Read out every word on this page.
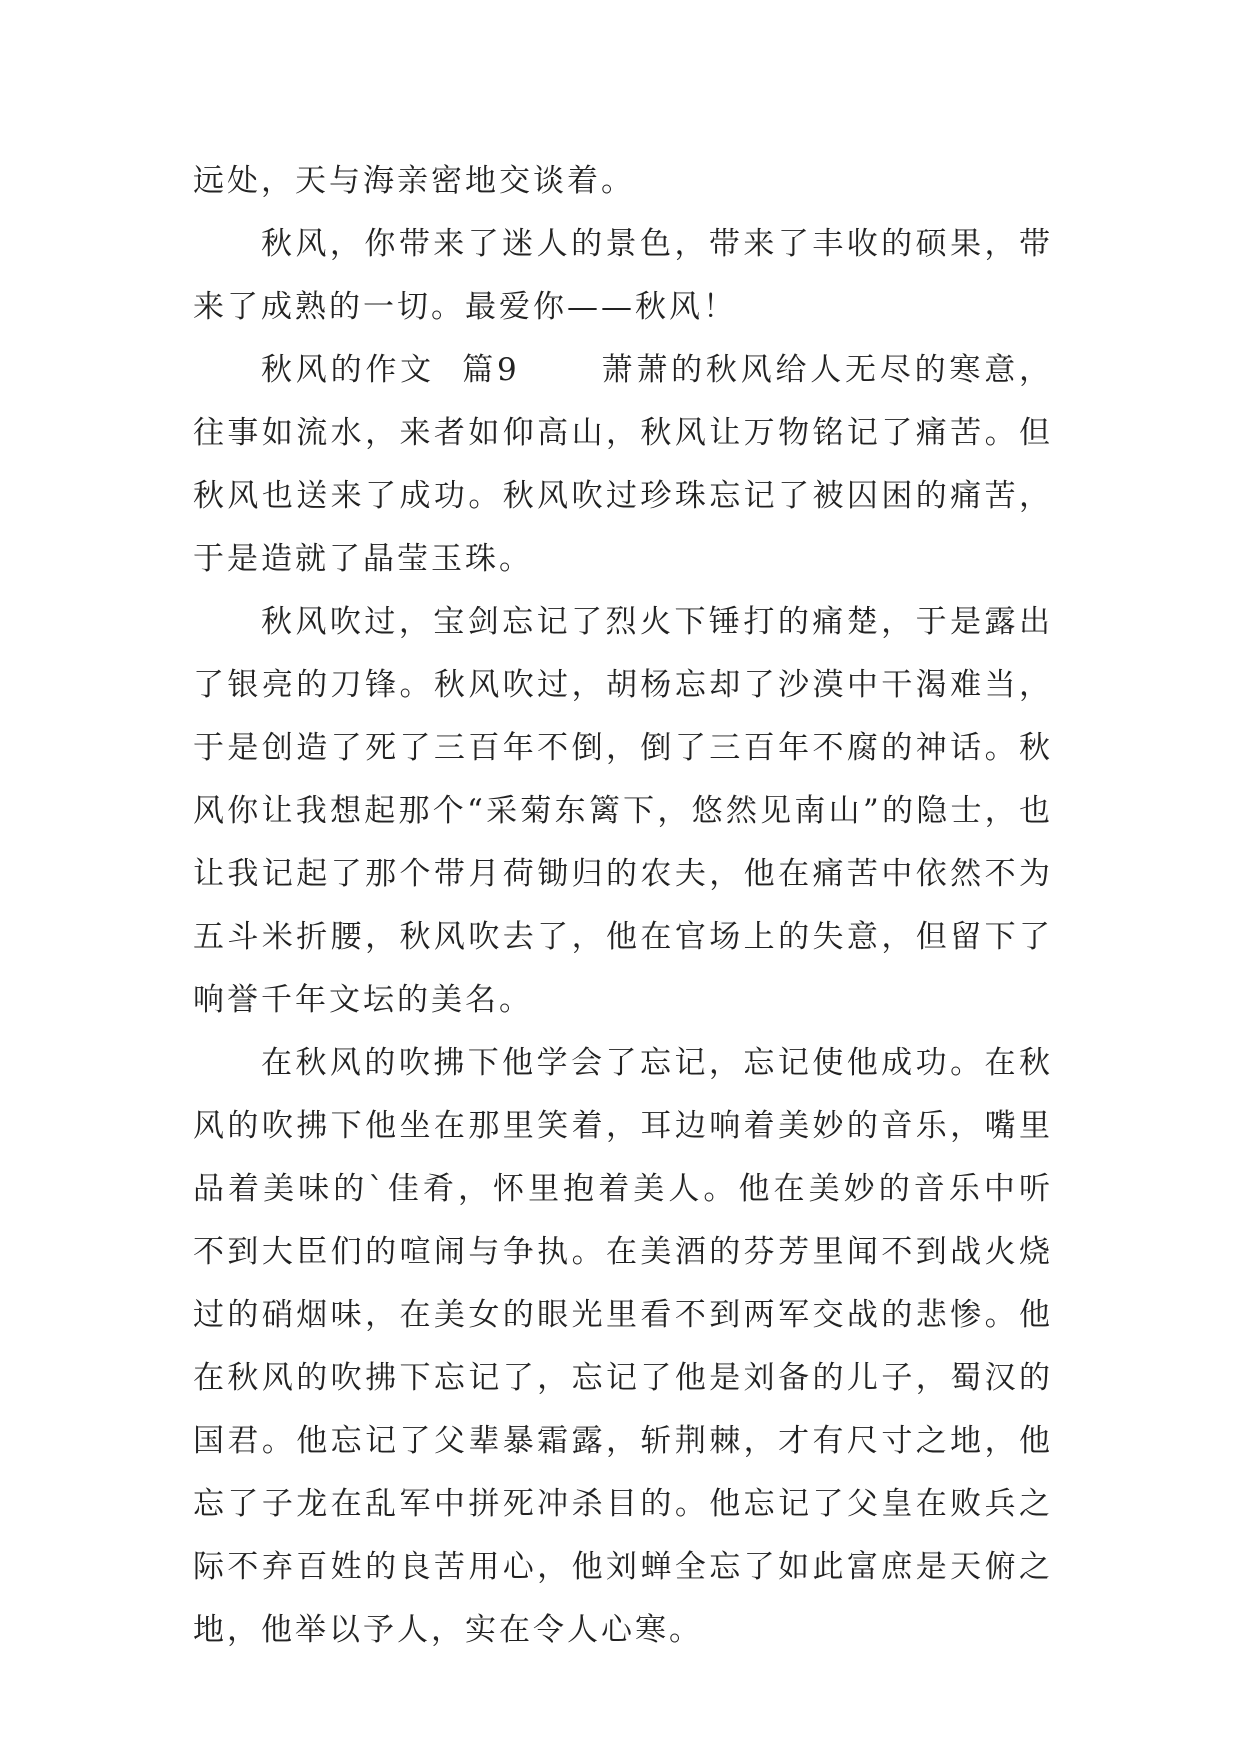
远处，天与海亲密地交谈着。

秋风，你带来了迷人的景色，带来了丰收的硕果，带来了成熟的一切。最爱你——秋风！

秋风的作文  篇9      萧萧的秋风给人无尽的寒意，往事如流水，来者如仰高山，秋风让万物铭记了痛苦。但秋风也送来了成功。秋风吹过珍珠忘记了被囚困的痛苦，于是造就了晶莹玉珠。

秋风吹过，宝剑忘记了烈火下锤打的痛楚，于是露出了银亮的刀锋。秋风吹过，胡杨忘却了沙漠中干渴难当，于是创造了死了三百年不倒，倒了三百年不腐的神话。秋风你让我想起那个“采菊东篱下，悠然见南山”的隐士，也让我记起了那个带月荷锄归的农夫，他在痛苦中依然不为五斗米折腰，秋风吹去了，他在官场上的失意，但留下了响誉千年文坛的美名。

在秋风的吹拂下他学会了忘记，忘记使他成功。在秋风的吹拂下他坐在那里笑着，耳边响着美妙的音乐，嘴里品着美味的`佳肴，怀里抱着美人。他在美妙的音乐中听不到大臣们的喧闹与争执。在美酒的芬芳里闻不到战火烧过的硝烟味，在美女的眼光里看不到两军交战的悲惨。他在秋风的吹拂下忘记了，忘记了他是刘备的儿子，蜀汉的国君。他忘记了父辈暴霜露，斩荆棘，才有尺寸之地，他忘了子龙在乱军中拼死冲杀目的。他忘记了父皇在败兵之际不弃百姓的良苦用心，他刘蝉全忘了如此富庶是天俯之地，他举以予人，实在令人心寒。
